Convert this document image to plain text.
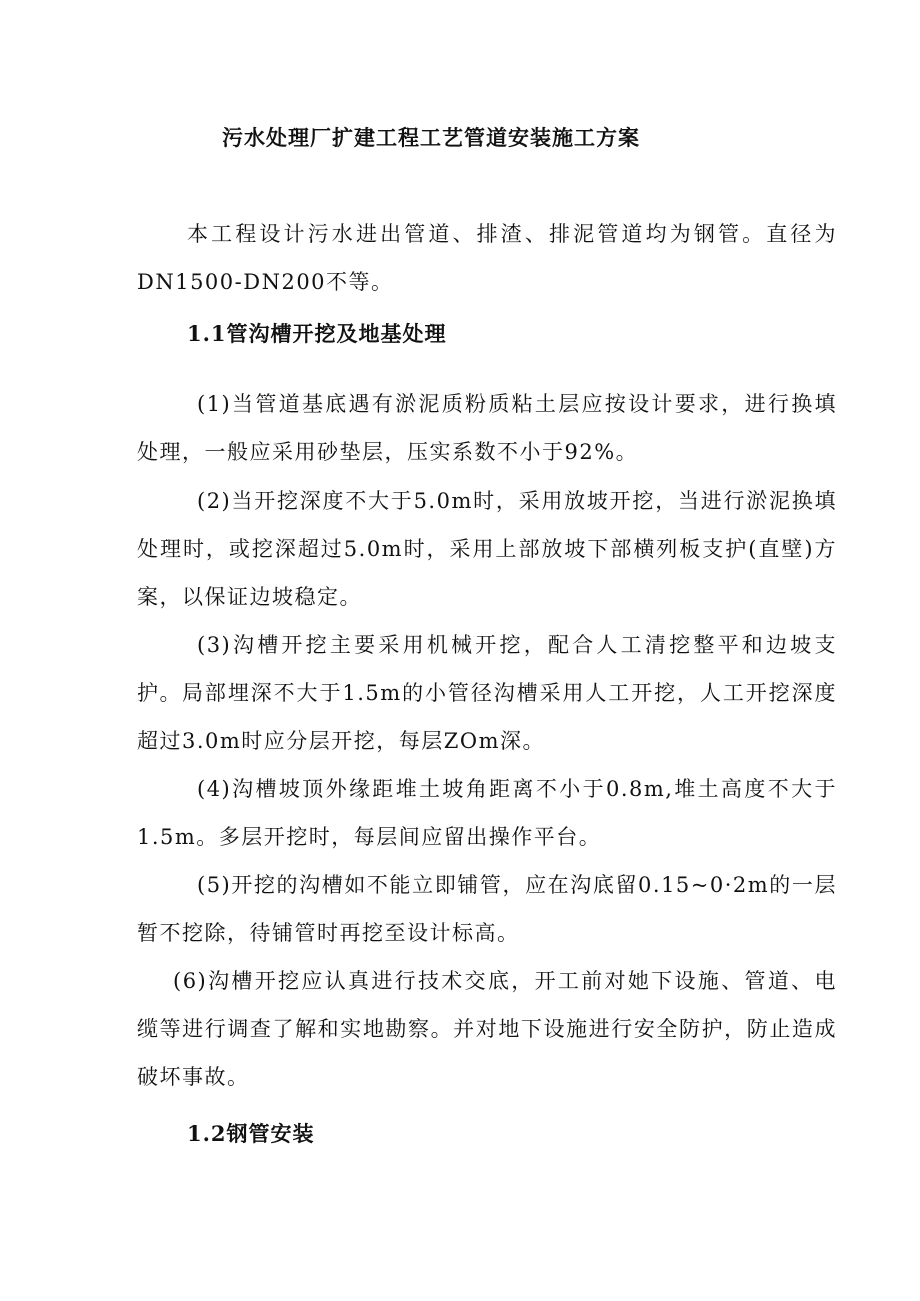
污水处理厂扩建工程工艺管道安装施工方案
本工程设计污水进出管道、排渣、排泥管道均为钢管。直径为DN1500-DN200不等。
1.1管沟槽开挖及地基处理
(1)当管道基底遇有淤泥质粉质粘土层应按设计要求，进行换填处理，一般应采用砂垫层，压实系数不小于92%。
(2)当开挖深度不大于5.0m时，采用放坡开挖，当进行淤泥换填处理时，或挖深超过5.0m时，采用上部放坡下部横列板支护(直壁)方案，以保证边坡稳定。
(3)沟槽开挖主要采用机械开挖，配合人工清挖整平和边坡支护。 局部埋深不大于1.5m的小管径沟槽采用人工开挖，人工开挖深度超过3.0m时应分层开挖，每层ZOm深。
(4)沟槽坡顶外缘距堆土坡角距离不小于0.8m,堆土高度不大于1.5m。多层开挖时，每层间应留出操作平台。
(5)开挖的沟槽如不能立即铺管，应在沟底留0.15~0·2m的一层暂不挖除，待铺管时再挖至设计标高。
(6)沟槽开挖应认真进行技术交底，开工前对她下设施、管道、电缆等进行调查了解和实地勘察。并对地下设施进行安全防护，防止造成破坏事故。
1.2钢管安装
